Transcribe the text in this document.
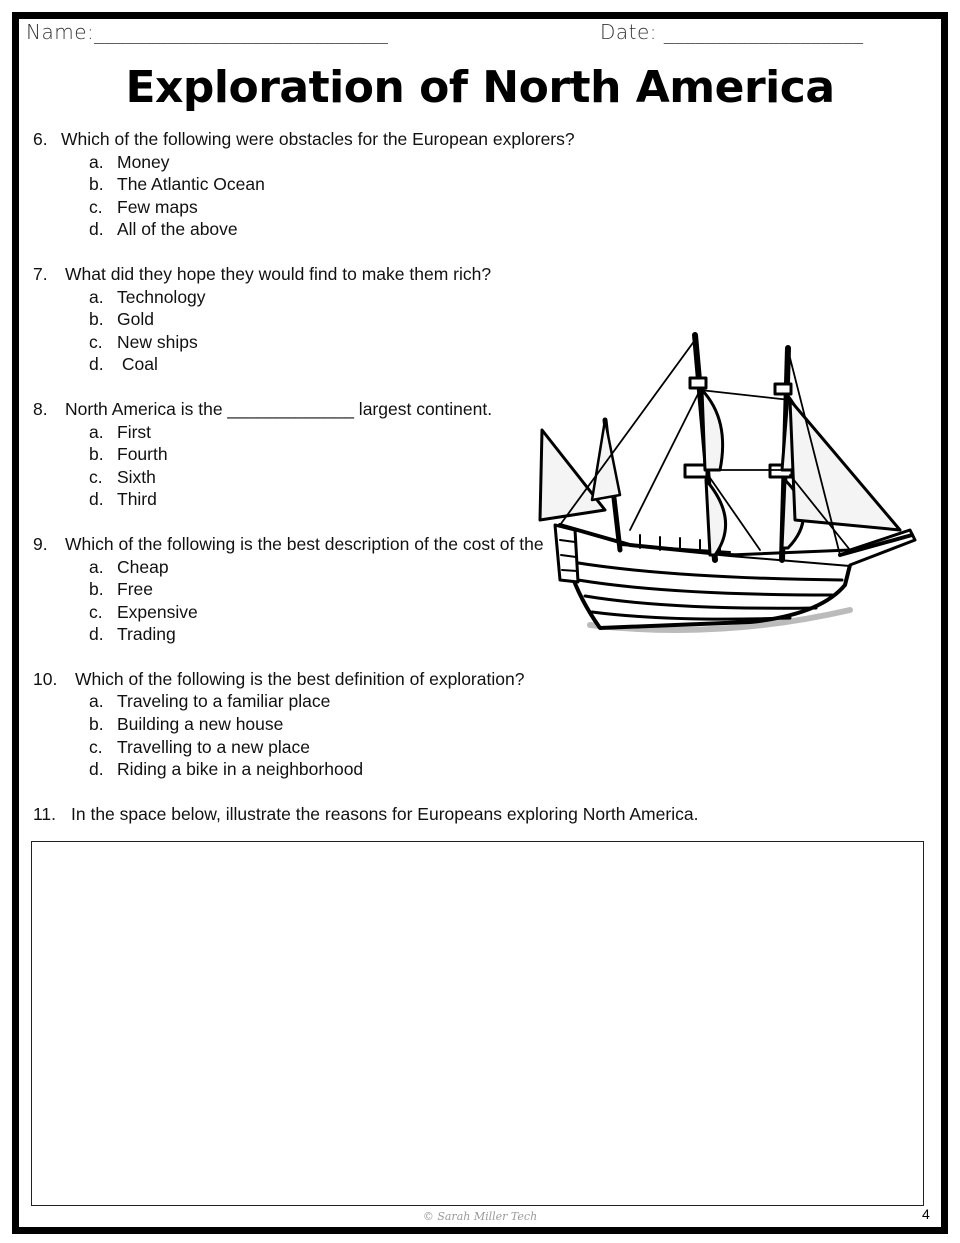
Name:____________________________	Date: ___________________
Exploration of North America
6. Which of the following were obstacles for the European explorers?
a. Money
b. The Atlantic Ocean
c. Few maps
d. All of the above
7. What did they hope they would find to make them rich?
a. Technology
b. Gold
c. New ships
d. Coal
8. North America is the _____________ largest continent.
a. First
b. Fourth
c. Sixth
d. Third
9. Which of the following is the best description of the cost of the
a. Cheap
b. Free
c. Expensive
d. Trading
10. Which of the following is the best definition of exploration?
a. Traveling to a familiar place
b. Building a new house
c. Travelling to a new place
d. Riding a bike in a neighborhood
11. In the space below, illustrate the reasons for Europeans exploring North America.
© Sarah Miller Tech	4
